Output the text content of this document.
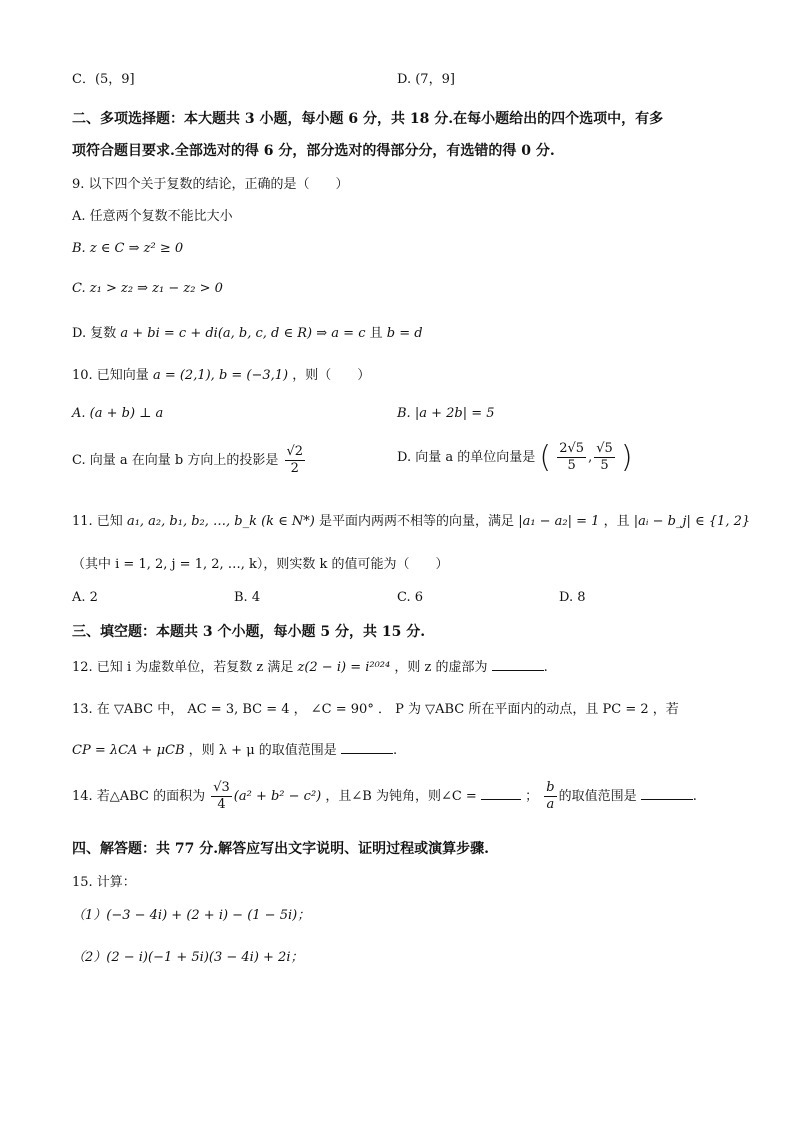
C．(5，9]	D. (7，9]
二、多项选择题：本大题共 3 小题，每小题 6 分，共 18 分.在每小题给出的四个选项中，有多
项符合题目要求.全部选对的得 6 分，部分选对的得部分分，有选错的得 0 分.
9. 以下四个关于复数的结论，正确的是（　　）
A. 任意两个复数不能比大小
B. z ∈ C ⇒ z² ≥ 0
C. z₁ > z₂ ⇒ z₁ − z₂ > 0
D. 复数 a + bi = c + di(a, b, c, d ∈ R) ⇒ a = c 且 b = d
10. 已知向量 a = (2,1), b = (−3,1) ，则（　　）
A. (a + b) ⊥ a	B. |a + 2b| = 5
C. 向量 a 在向量 b 方向上的投影是 $\frac{√2}{2}$	D. 向量 a 的单位向量是 ( $\frac{2√5}{5}$ , $\frac{√5}{5}$ )
11. 已知 a₁, a₂, b₁, b₂, …, b_k (k ∈ N*) 是平面内两两不相等的向量，满足 |a₁ − a₂| = 1 ，且 |aᵢ − b_j| ∈ {1, 2}
（其中 i = 1, 2, j = 1, 2, …, k），则实数 k 的值可能为（　　）
A. 2	B. 4	C. 6	D. 8
三、填空题：本题共 3 个小题，每小题 5 分，共 15 分.
12. 已知 i 为虚数单位，若复数 z 满足 z(2 − i) = i²⁰²⁴ ，则 z 的虚部为	.
13. 在 ▽ABC 中， AC = 3, BC = 4 ， ∠C = 90° ． P 为 ▽ABC 所在平面内的动点，且 PC = 2 ，若
CP = λCA + μCB ，则 λ + μ 的取值范围是	.
14. 若△ABC 的面积为 $\frac{√3}{4} (a^2 + b^2 - c^2)$ ，且∠B 为钝角，则∠C =	； $\frac{b}{a}$ 的取值范围是	.
四、解答题：共 77 分.解答应写出文字说明、证明过程或演算步骤.
15. 计算：
（1）(−3 − 4i) + (2 + i) − (1 − 5i)；
（2）(2 − i)(−1 + 5i)(3 − 4i) + 2i；
